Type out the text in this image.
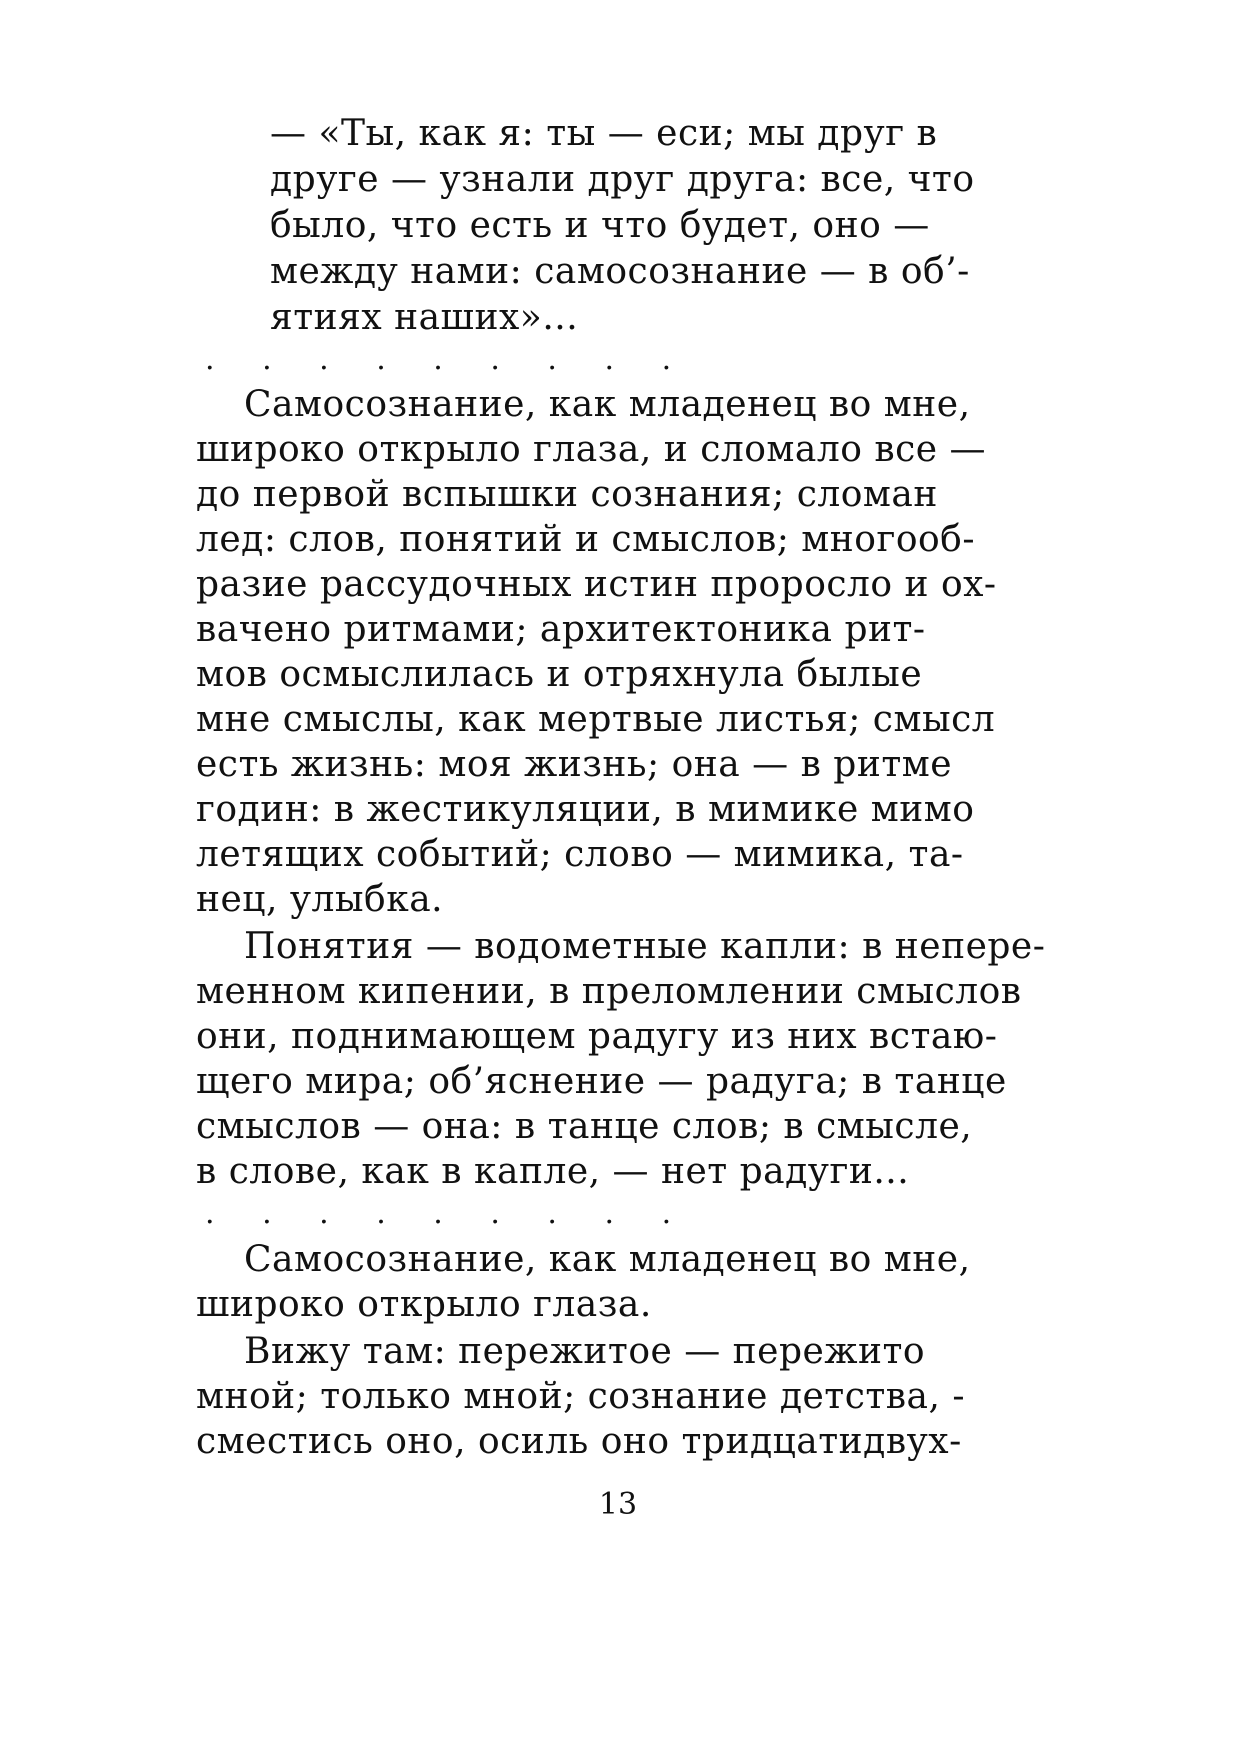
— «Ты, как я: ты — еси; мы друг в
друге — узнали друг друга: все, что
было, что есть и что будет, оно —
между нами: самосознание — в об’-
ятиях наших»...
. . . . . . . . .
Самосознание, как младенец во мне,
широко открыло глаза, и сломало все —
до первой вспышки сознания; сломан
лед: слов, понятий и смыслов; многооб-
разие рассудочных истин проросло и ох-
вачено ритмами; архитектоника рит-
мов осмыслилась и отряхнула былые
мне смыслы, как мертвые листья; смысл
есть жизнь: моя жизнь; она — в ритме
годин: в жестикуляции, в мимике мимо
летящих событий; слово — мимика, та-
нец, улыбка.
Понятия — водометные капли: в непере-
менном кипении, в преломлении смыслов
они, поднимающем радугу из них встаю-
щего мира; об’яснение — радуга; в танце
смыслов — она: в танце слов; в смысле,
в слове, как в капле, — нет радуги...
. . . . . . . . .
Самосознание, как младенец во мне,
широко открыло глаза.
Вижу там: пережитое — пережито
мной; только мной; сознание детства, -
сместись оно, осиль оно тридцатидвух-
13
